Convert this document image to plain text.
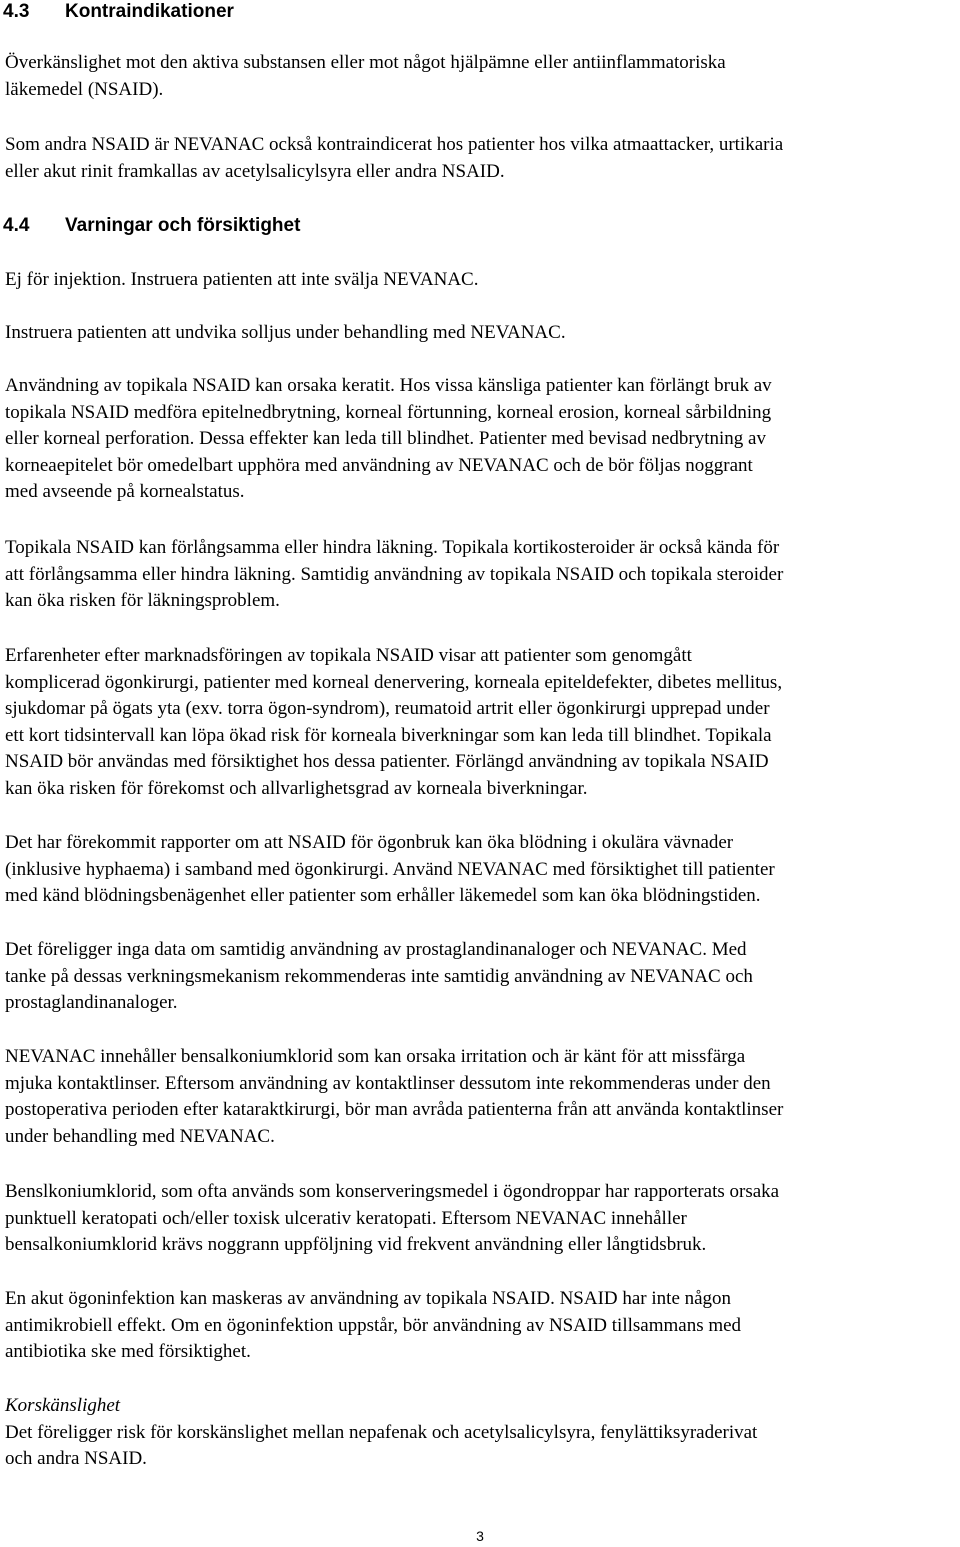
4.3 Kontraindikationer

Överkänslighet mot den aktiva substansen eller mot något hjälpämne eller antiinflammatoriska
läkemedel (NSAID).

Som andra NSAID är NEVANAC också kontraindicerat hos patienter hos vilka atmaattacker, urtikaria
eller akut rinit framkallas av acetylsalicylsyra eller andra NSAID.

4.4 Varningar och försiktighet

Ej för injektion. Instruera patienten att inte svälja NEVANAC.

Instruera patienten att undvika solljus under behandling med NEVANAC.

Användning av topikala NSAID kan orsaka keratit. Hos vissa känsliga patienter kan förlängt bruk av
topikala NSAID medföra epitelnedbrytning, korneal förtunning, korneal erosion, korneal sårbildning
eller korneal perforation. Dessa effekter kan leda till blindhet. Patienter med bevisad nedbrytning av
korneaepitelet bör omedelbart upphöra med användning av NEVANAC och de bör följas noggrant
med avseende på kornealstatus.

Topikala NSAID kan förlångsamma eller hindra läkning. Topikala kortikosteroider är också kända för
att förlångsamma eller hindra läkning. Samtidig användning av topikala NSAID och topikala steroider
kan öka risken för läkningsproblem.

Erfarenheter efter marknadsföringen av topikala NSAID visar att patienter som genomgått
komplicerad ögonkirurgi, patienter med korneal denervering, korneala epiteldefekter, dibetes mellitus,
sjukdomar på ögats yta (exv. torra ögon-syndrom), reumatoid artrit eller ögonkirurgi upprepad under
ett kort tidsintervall kan löpa ökad risk för korneala biverkningar som kan leda till blindhet. Topikala
NSAID bör användas med försiktighet hos dessa patienter. Förlängd användning av topikala NSAID
kan öka risken för förekomst och allvarlighetsgrad av korneala biverkningar.

Det har förekommit rapporter om att NSAID för ögonbruk kan öka blödning i okulära vävnader
(inklusive hyphaema) i samband med ögonkirurgi. Använd NEVANAC med försiktighet till patienter
med känd blödningsbenägenhet eller patienter som erhåller läkemedel som kan öka blödningstiden.

Det föreligger inga data om samtidig användning av prostaglandinanaloger och NEVANAC. Med
tanke på dessas verkningsmekanism rekommenderas inte samtidig användning av NEVANAC och
prostaglandinanaloger.

NEVANAC innehåller bensalkoniumklorid som kan orsaka irritation och är känt för att missfärga
mjuka kontaktlinser. Eftersom användning av kontaktlinser dessutom inte rekommenderas under den
postoperativa perioden efter kataraktkirurgi, bör man avråda patienterna från att använda kontaktlinser
under behandling med NEVANAC.

Benslkoniumklorid, som ofta används som konserveringsmedel i ögondroppar har rapporterats orsaka
punktuell keratopati och/eller toxisk ulcerativ keratopati. Eftersom NEVANAC innehåller
bensalkoniumklorid krävs noggrann uppföljning vid frekvent användning eller långtidsbruk.

En akut ögoninfektion kan maskeras av användning av topikala NSAID. NSAID har inte någon
antimikrobiell effekt. Om en ögoninfektion uppstår, bör användning av NSAID tillsammans med
antibiotika ske med försiktighet.

Korskänslighet
Det föreligger risk för korskänslighet mellan nepafenak och acetylsalicylsyra, fenylättiksyraderivat
och andra NSAID.

3
